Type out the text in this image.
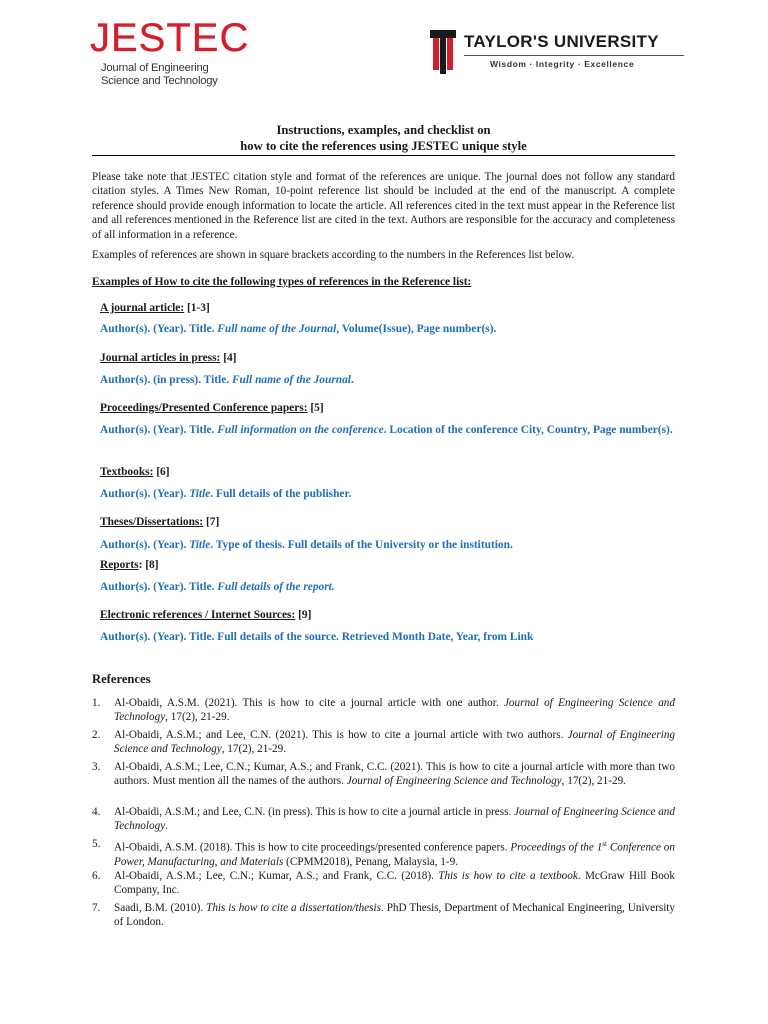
JESTEC
Journal of Engineering
Science and Technology
TAYLOR'S UNIVERSITY
Wisdom · Integrity · Excellence
Instructions, examples, and checklist on
how to cite the references using JESTEC unique style
Please take note that JESTEC citation style and format of the references are unique. The journal does not follow any standard citation styles. A Times New Roman, 10-point reference list should be included at the end of the manuscript. A complete reference should provide enough information to locate the article. All references cited in the text must appear in the Reference list and all references mentioned in the Reference list are cited in the text. Authors are responsible for the accuracy and completeness of all information in a reference.
Examples of references are shown in square brackets according to the numbers in the References list below.
Examples of How to cite the following types of references in the Reference list:
A journal article: [1-3]
Author(s). (Year). Title. Full name of the Journal, Volume(Issue), Page number(s).
Journal articles in press: [4]
Author(s). (in press). Title. Full name of the Journal.
Proceedings/Presented Conference papers: [5]
Author(s). (Year). Title. Full information on the conference. Location of the conference City, Country, Page number(s).
Textbooks: [6]
Author(s). (Year). Title. Full details of the publisher.
Theses/Dissertations: [7]
Author(s). (Year). Title. Type of thesis. Full details of the University or the institution.
Reports: [8]
Author(s). (Year). Title. Full details of the report.
Electronic references / Internet Sources: [9]
Author(s). (Year). Title. Full details of the source. Retrieved Month Date, Year, from Link
References
1.	Al-Obaidi, A.S.M. (2021). This is how to cite a journal article with one author. Journal of Engineering Science and Technology, 17(2), 21-29.
2.	Al-Obaidi, A.S.M.; and Lee, C.N. (2021). This is how to cite a journal article with two authors. Journal of Engineering Science and Technology, 17(2), 21-29.
3.	Al-Obaidi, A.S.M.; Lee, C.N.; Kumar, A.S.; and Frank, C.C. (2021). This is how to cite a journal article with more than two authors. Must mention all the names of the authors. Journal of Engineering Science and Technology, 17(2), 21-29.
4.	Al-Obaidi, A.S.M.; and Lee, C.N. (in press). This is how to cite a journal article in press. Journal of Engineering Science and Technology.
5.	Al-Obaidi, A.S.M. (2018). This is how to cite proceedings/presented conference papers. Proceedings of the 1st Conference on Power, Manufacturing, and Materials (CPMM2018), Penang, Malaysia, 1-9.
6.	Al-Obaidi, A.S.M.; Lee, C.N.; Kumar, A.S.; and Frank, C.C. (2018). This is how to cite a textbook. McGraw Hill Book Company, Inc.
7.	Saadi, B.M. (2010). This is how to cite a dissertation/thesis. PhD Thesis, Department of Mechanical Engineering, University of London.
